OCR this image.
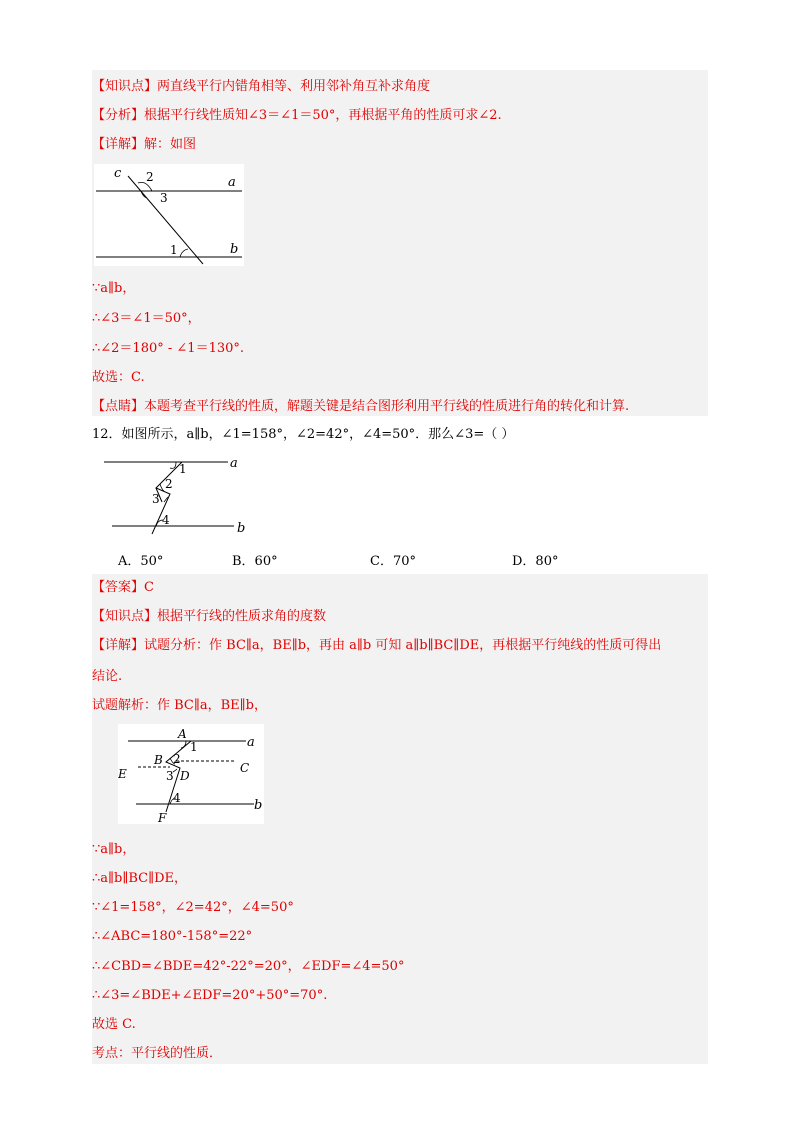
【知识点】两直线平行内错角相等、利用邻补角互补求角度
【分析】根据平行线性质知∠3＝∠1＝50°，再根据平角的性质可求∠2.
【详解】解：如图
c 2	a
3
1	b
∵a∥b，
∴∠3＝∠1＝50°，
∴∠2＝180° - ∠1＝130°.
故选：C.
【点睛】本题考查平行线的性质，解题关键是结合图形利用平行线的性质进行角的转化和计算.
12．如图所示，a∥b，∠1=158°，∠2=42°，∠4=50°．那么∠3=（ ）
a
1
2
3
4
b
A．50°	B．60°	C．70°	D．80°
【答案】C
【知识点】根据平行线的性质求角的度数
【详解】试题分析：作 BC∥a，BE∥b，再由 a∥b 可知 a∥b∥BC∥DE，再根据平行纯线的性质可得出
结论.
试题解析：作 BC∥a，BE∥b，
A
a
1
B 2
C
E	3 D
4	b
F
∵a∥b，
∴a∥b∥BC∥DE，
∵∠1=158°，∠2=42°，∠4=50°
∴∠ABC=180°-158°=22°
∴∠CBD=∠BDE=42°-22°=20°，∠EDF=∠4=50°
∴∠3=∠BDE+∠EDF=20°+50°=70°.
故选 C.
考点：平行线的性质．
